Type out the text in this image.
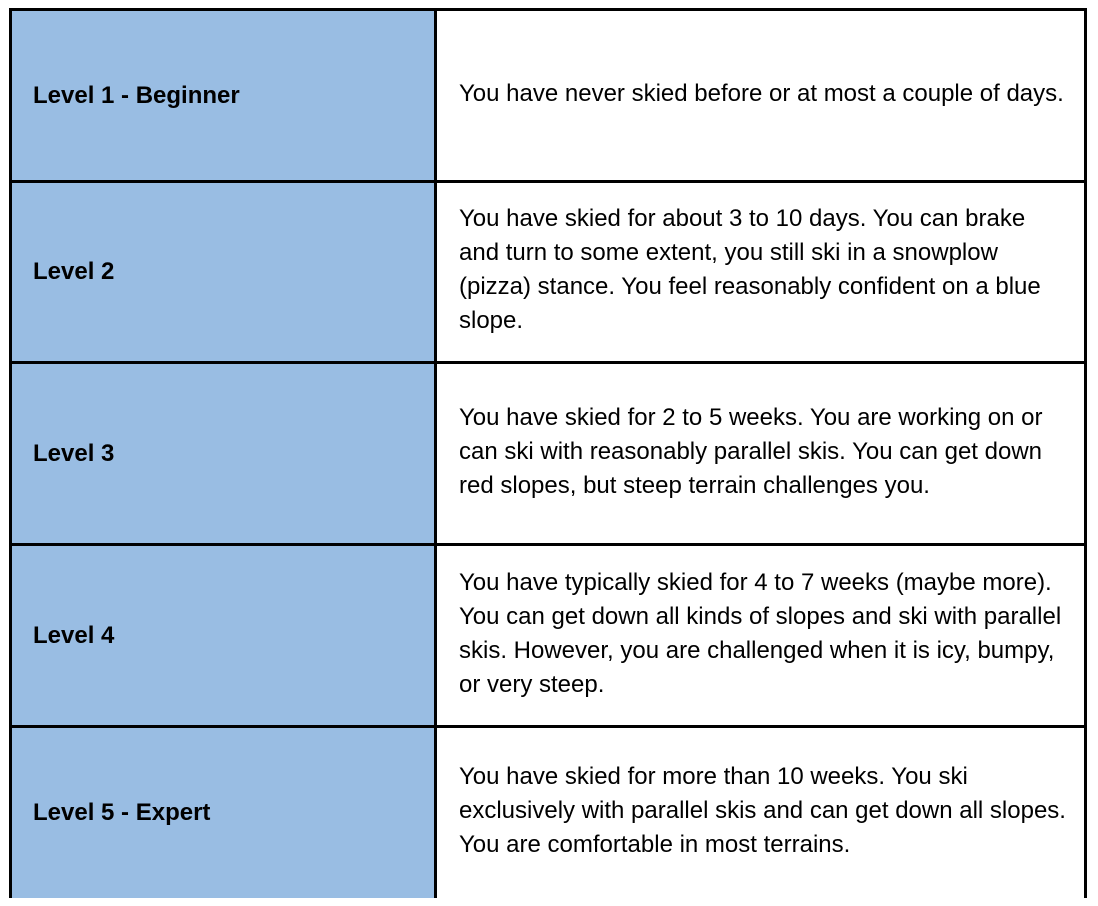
Level 1 - Beginner	You have never skied before or at most a couple of days.
Level 2
You have skied for about 3 to 10 days. You can brake and turn to some extent, you still ski in a snowplow (pizza) stance. You feel reasonably confident on a blue slope.
Level 3
You have skied for 2 to 5 weeks. You are working on or can ski with reasonably parallel skis. You can get down red slopes, but steep terrain challenges you.
Level 4
You have typically skied for 4 to 7 weeks (maybe more). You can get down all kinds of slopes and ski with parallel skis. However, you are challenged when it is icy, bumpy, or very steep.
Level 5 - Expert
You have skied for more than 10 weeks. You ski exclusively with parallel skis and can get down all slopes. You are comfortable in most terrains.
